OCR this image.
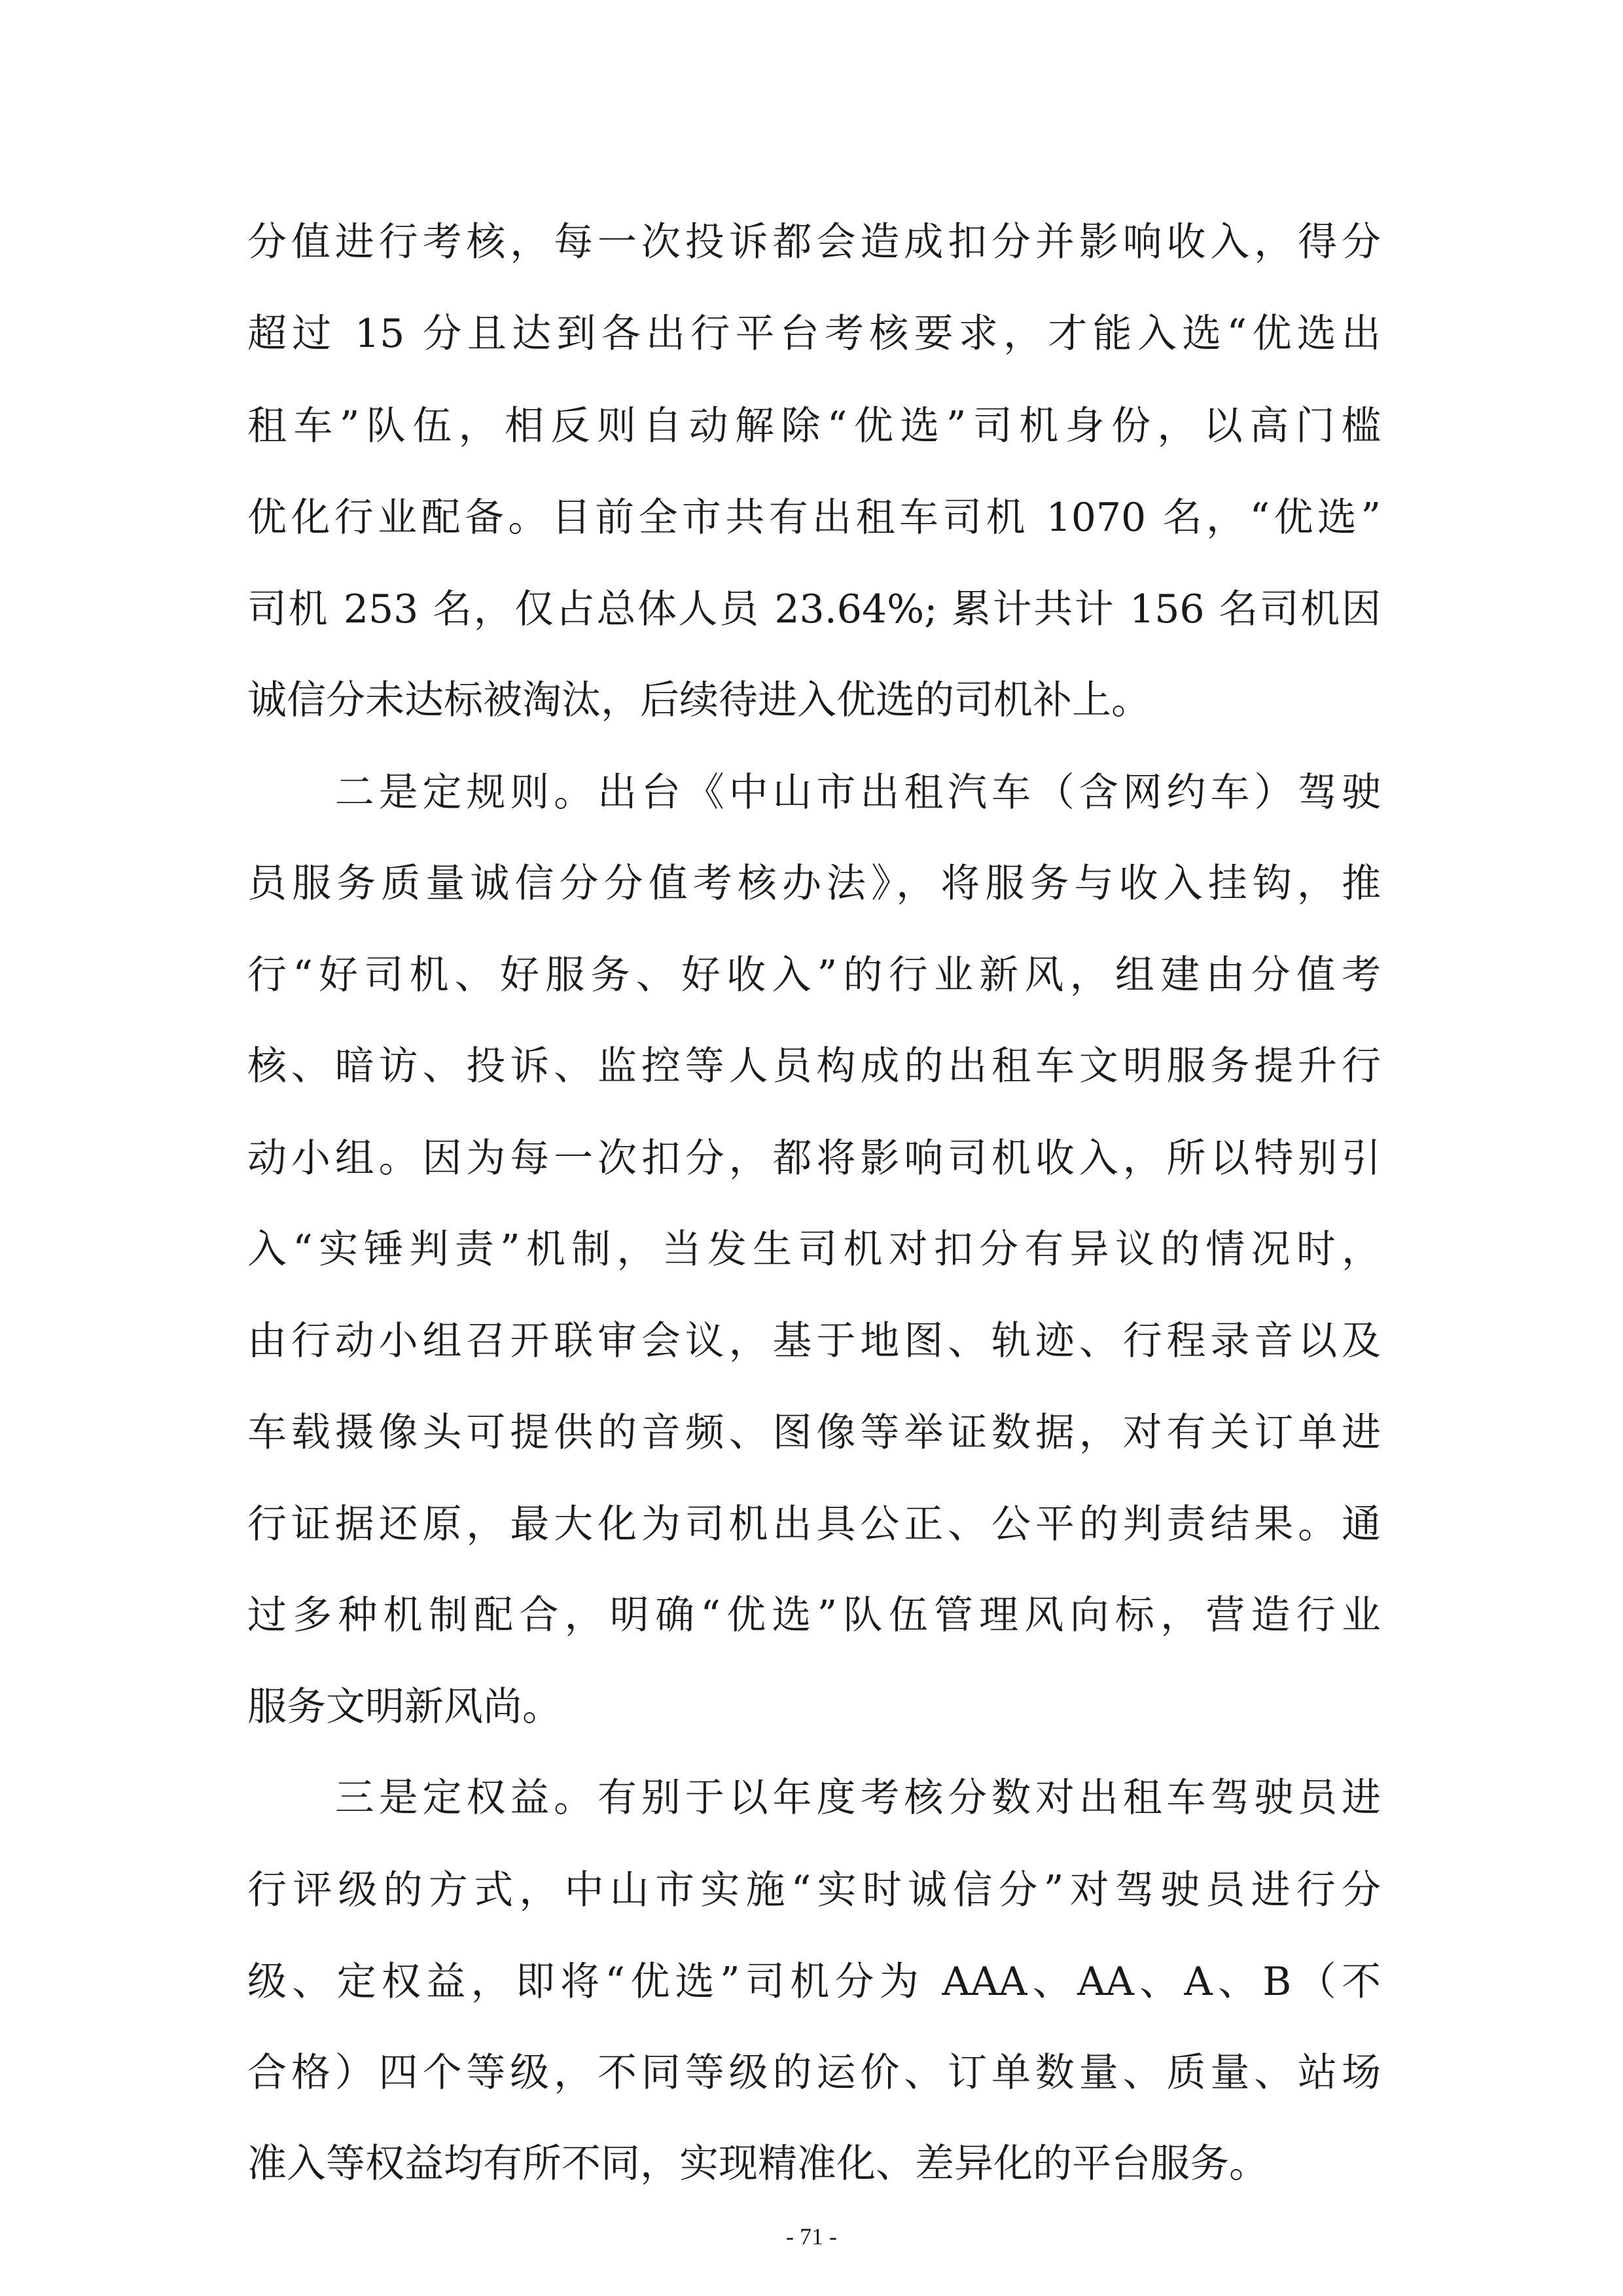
分值进行考核，每一次投诉都会造成扣分并影响收入，得分
超过 15 分且达到各出行平台考核要求，才能入选“优选出
租车”队伍，相反则自动解除“优选”司机身份，以高门槛
优化行业配备。目前全市共有出租车司机 1070 名，“优选”
司机 253 名，仅占总体人员 23.64%; 累计共计 156 名司机因
诚信分未达标被淘汰，后续待进入优选的司机补上。
　　二是定规则。出台《中山市出租汽车（含网约车）驾驶
员服务质量诚信分分值考核办法》，将服务与收入挂钩，推
行“好司机、好服务、好收入”的行业新风，组建由分值考
核、暗访、投诉、监控等人员构成的出租车文明服务提升行
动小组。因为每一次扣分，都将影响司机收入，所以特别引
入“实锤判责”机制，当发生司机对扣分有异议的情况时，
由行动小组召开联审会议，基于地图、轨迹、行程录音以及
车载摄像头可提供的音频、图像等举证数据，对有关订单进
行证据还原，最大化为司机出具公正、公平的判责结果。通
过多种机制配合，明确“优选”队伍管理风向标，营造行业
服务文明新风尚。
　　三是定权益。有别于以年度考核分数对出租车驾驶员进
行评级的方式，中山市实施“实时诚信分”对驾驶员进行分
级、定权益，即将“优选”司机分为 AAA、AA、A、B（不
合格）四个等级，不同等级的运价、订单数量、质量、站场
准入等权益均有所不同，实现精准化、差异化的平台服务。
- 71 -
